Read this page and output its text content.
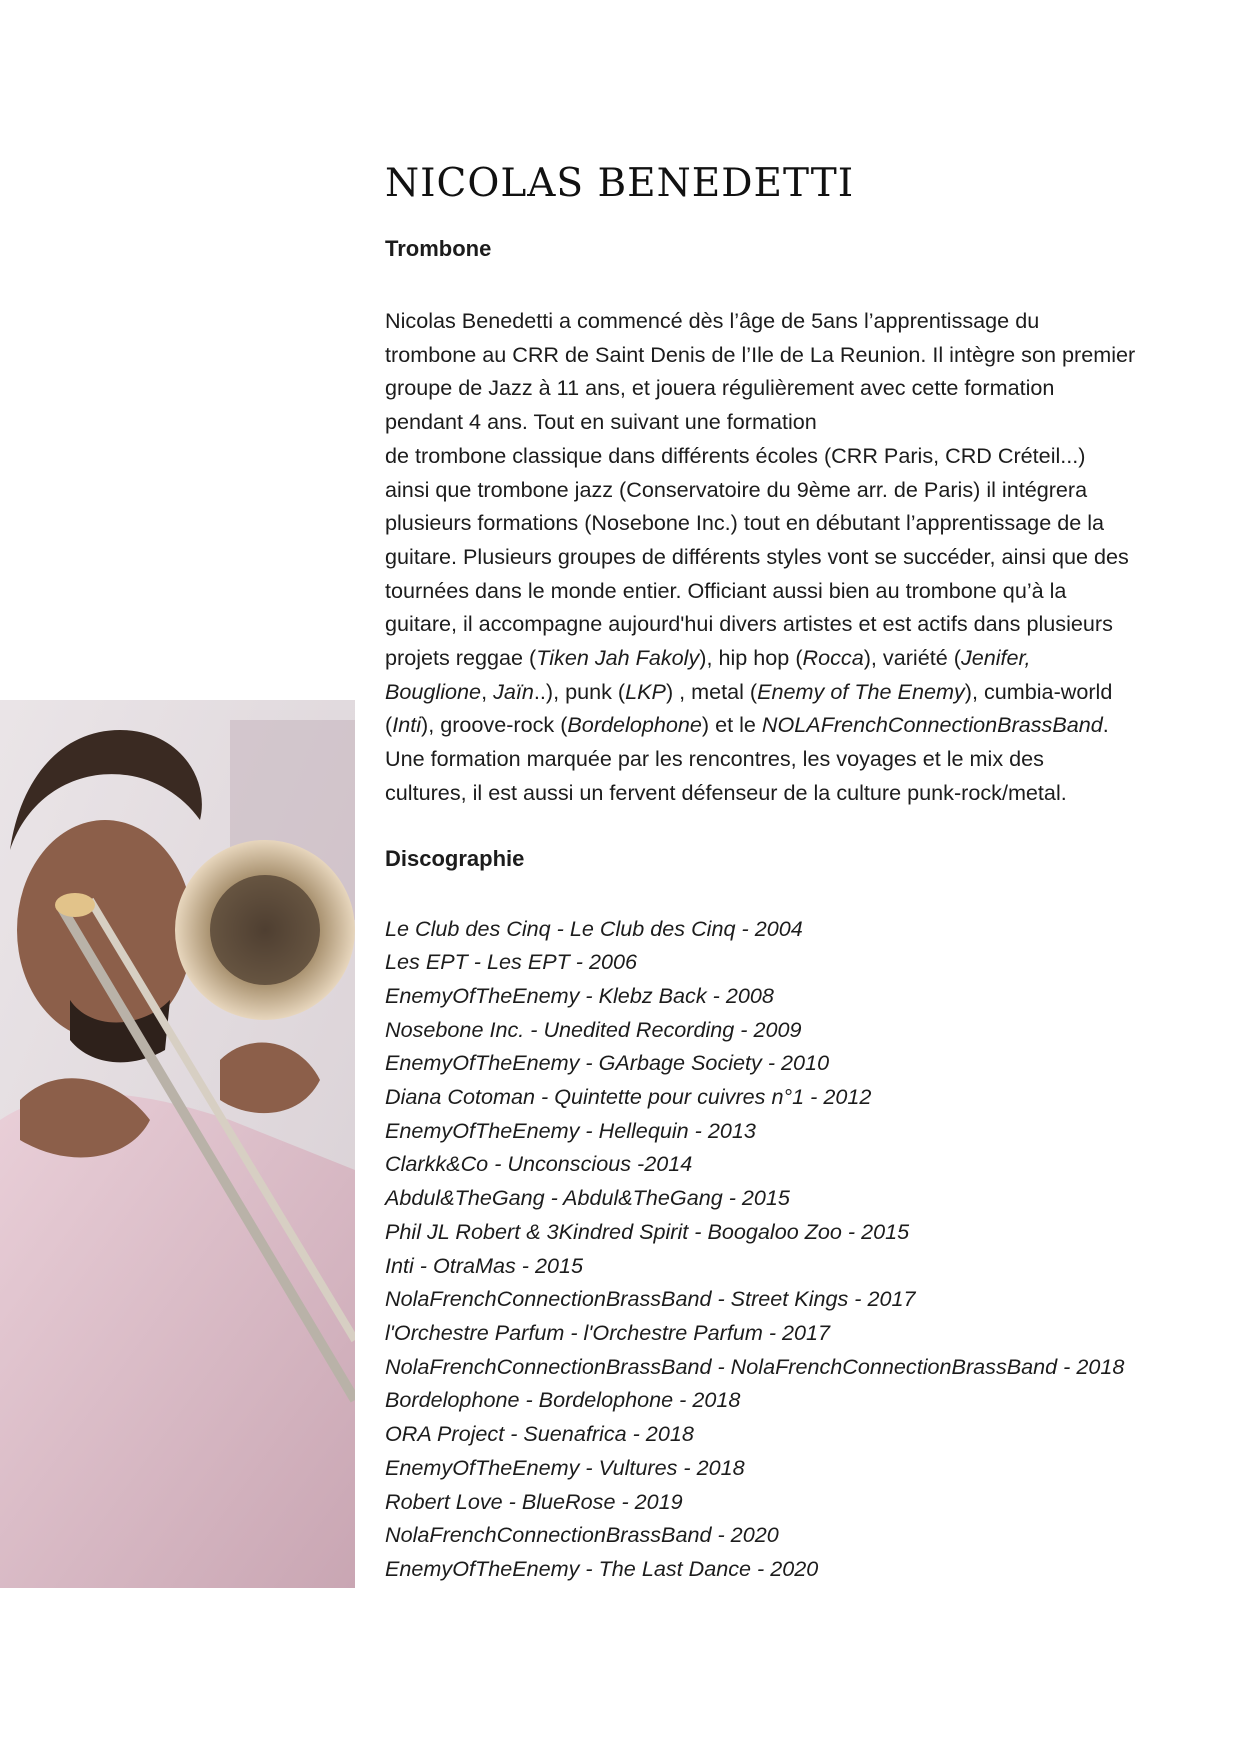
NICOLAS BENEDETTI
Trombone
Nicolas Benedetti a commencé dès l’âge de 5ans l’apprentissage du
trombone au CRR de Saint Denis de l’Ile de La Reunion. Il intègre son premier
groupe de Jazz à 11 ans, et jouera régulièrement avec cette formation
pendant 4 ans. Tout en suivant une formation
de trombone classique dans différents écoles (CRR Paris, CRD Créteil...)
ainsi que trombone jazz (Conservatoire du 9ème arr. de Paris) il intégrera
plusieurs formations (Nosebone Inc.) tout en débutant l’apprentissage de la
guitare. Plusieurs groupes de différents styles vont se succéder, ainsi que des
tournées dans le monde entier. Officiant aussi bien au trombone qu’à la
guitare, il accompagne aujourd'hui divers artistes et est actifs dans plusieurs
projets reggae (Tiken Jah Fakoly), hip hop (Rocca), variété (Jenifer,
Bouglione, Jaïn..), punk (LKP) , metal (Enemy of The Enemy), cumbia-world
(Inti), groove-rock (Bordelophone) et le NOLAFrenchConnectionBrassBand.
Une formation marquée par les rencontres, les voyages et le mix des
cultures, il est aussi un fervent défenseur de la culture punk-rock/metal.
Discographie
Le Club des Cinq - Le Club des Cinq - 2004
Les EPT - Les EPT - 2006
EnemyOfTheEnemy - Klebz Back - 2008
Nosebone Inc. - Unedited Recording - 2009
EnemyOfTheEnemy - GArbage Society - 2010
Diana Cotoman - Quintette pour cuivres n°1 - 2012
EnemyOfTheEnemy - Hellequin - 2013
Clarkk&Co - Unconscious -2014
Abdul&TheGang - Abdul&TheGang - 2015
Phil JL Robert & 3Kindred Spirit - Boogaloo Zoo - 2015
Inti - OtraMas - 2015
NolaFrenchConnectionBrassBand - Street Kings - 2017
l'Orchestre Parfum - l'Orchestre Parfum - 2017
NolaFrenchConnectionBrassBand - NolaFrenchConnectionBrassBand - 2018
Bordelophone - Bordelophone - 2018
ORA Project - Suenafrica - 2018
EnemyOfTheEnemy - Vultures - 2018
Robert Love - BlueRose - 2019
NolaFrenchConnectionBrassBand - 2020
EnemyOfTheEnemy - The Last Dance - 2020
